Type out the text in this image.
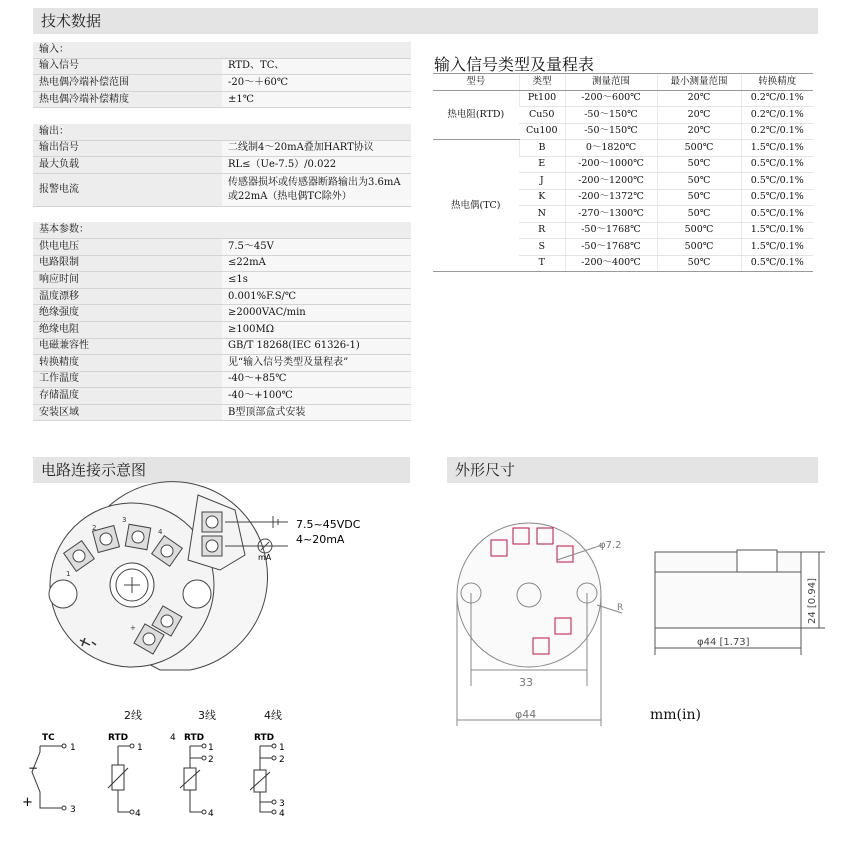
技术数据
电路连接示意图	外形尺寸
输入：	
输入信号	RTD、TC、
热电偶冷端补偿范围	-20～＋60℃
热电偶冷端补偿精度	±1℃

输出：	
输出信号	二线制4～20mA叠加HART协议
最大负载	RL≤（Ue-7.5）/0.022
报警电流	传感器损坏或传感器断路输出为3.6mA
或22mA（热电偶TC除外）

基本参数：	
供电电压	7.5～45V
电路限制	≤22mA
响应时间	≤1s
温度漂移	0.001%F.S/℃
绝缘强度	≥2000VAC/min
绝缘电阻	≥100MΩ
电磁兼容性	GB/T 18268(IEC 61326-1)
转换精度	见“输入信号类型及量程表”
工作温度	-40～+85℃
存储温度	-40～+100℃
安装区域	B型顶部盒式安装
输入信号类型及量程表
型号	类型	测量范围	最小测量范围	转换精度
热电阻(RTD)	Pt100	-200～600℃	20℃	0.2℃/0.1%
	Cu50	-50～150℃	20℃	0.2℃/0.1%
	Cu100	-50～150℃	20℃	0.2℃/0.1%
热电偶(TC)	B	0～1820℃	500℃	1.5℃/0.1%
	E	-200～1000℃	50℃	0.5℃/0.1%
	J	-200～1200℃	50℃	0.5℃/0.1%
	K	-200～1372℃	50℃	0.5℃/0.1%
	N	-270～1300℃	50℃	0.5℃/0.1%
	R	-50～1768℃	500℃	1.5℃/0.1%
	S	-50～1768℃	500℃	1.5℃/0.1%
	T	-200～400℃	50℃	0.5℃/0.1%
1
2
3
4
+
mA
7.5~45VDC
4~20mA
TC
1
3
−
+
RTD
1
4
4 RTD
1
2
4
RTD
1
2
3
4
2线	3线	4线
φ7.2
33
φ44
R
φ44 [1.73]
24 [0.94]
mm(in)
